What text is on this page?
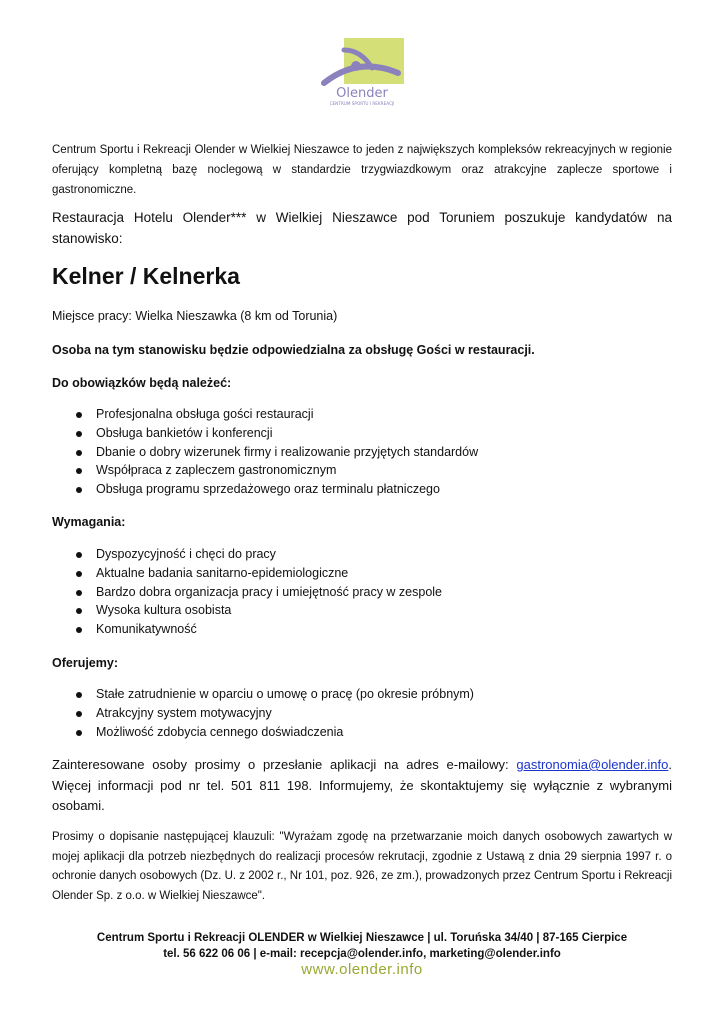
Olender
CENTRUM SPORTU I REKREACJI
Centrum Sportu i Rekreacji Olender w Wielkiej Nieszawce to jeden z największych kompleksów rekreacyjnych w regionie oferujący kompletną bazę noclegową w standardzie trzygwiazdkowym oraz atrakcyjne zaplecze sportowe i gastronomiczne.
Restauracja Hotelu Olender*** w Wielkiej Nieszawce pod Toruniem poszukuje kandydatów na stanowisko:
Kelner / Kelnerka
Miejsce pracy: Wielka Nieszawka (8 km od Torunia)
Osoba na tym stanowisku będzie odpowiedzialna za obsługę Gości w restauracji.
Do obowiązków będą należeć:
Profesjonalna obsługa gości restauracji
Obsługa bankietów i konferencji
Dbanie o dobry wizerunek firmy i realizowanie przyjętych standardów
Współpraca z zapleczem gastronomicznym
Obsługa programu sprzedażowego oraz terminalu płatniczego
Wymagania:
Dyspozycyjność i chęci do pracy
Aktualne badania sanitarno-epidemiologiczne
Bardzo dobra organizacja pracy i umiejętność pracy w zespole
Wysoka kultura osobista
Komunikatywność
Oferujemy:
Stałe zatrudnienie w oparciu o umowę o pracę (po okresie próbnym)
Atrakcyjny system motywacyjny
Możliwość zdobycia cennego doświadczenia
Zainteresowane osoby prosimy o przesłanie aplikacji na adres e-mailowy: gastronomia@olender.info. Więcej informacji pod nr tel. 501 811 198. Informujemy, że skontaktujemy się wyłącznie z wybranymi osobami.
Prosimy o dopisanie następującej klauzuli: "Wyrażam zgodę na przetwarzanie moich danych osobowych zawartych w mojej aplikacji dla potrzeb niezbędnych do realizacji procesów rekrutacji, zgodnie z Ustawą z dnia 29 sierpnia 1997 r. o ochronie danych osobowych (Dz. U. z 2002 r., Nr 101, poz. 926, ze zm.), prowadzonych przez Centrum Sportu i Rekreacji Olender Sp. z o.o. w Wielkiej Nieszawce".
Centrum Sportu i Rekreacji OLENDER w Wielkiej Nieszawce | ul. Toruńska 34/40 | 87-165 Cierpice
tel. 56 622 06 06 | e-mail: recepcja@olender.info, marketing@olender.info
www.olender.info
